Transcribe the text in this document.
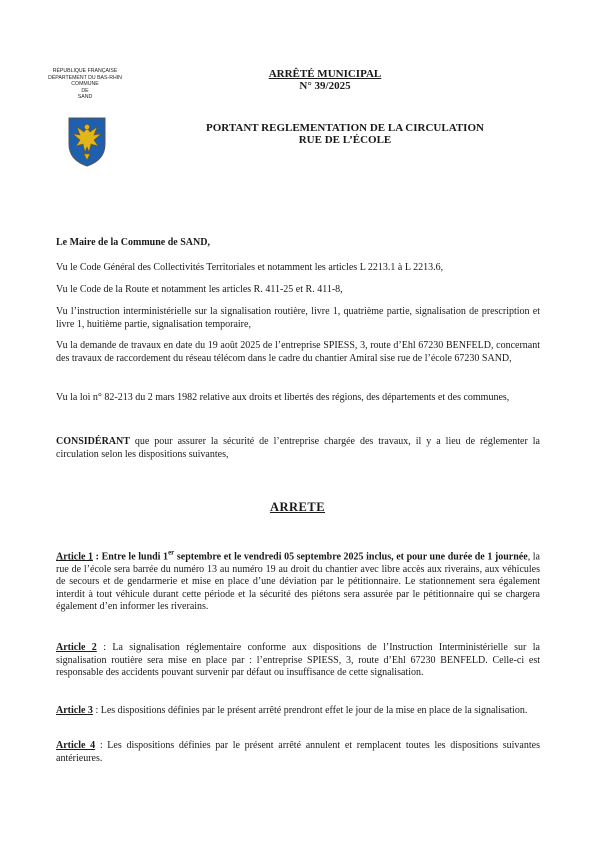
RÉPUBLIQUE FRANÇAISE
DÉPARTEMENT DU BAS-RHIN
COMMUNE
DE
SAND
ARRÊTÉ MUNICIPAL
N° 39/2025
PORTANT REGLEMENTATION DE LA CIRCULATION
RUE DE L’ÉCOLE
Le Maire de la Commune de SAND,
Vu le Code Général des Collectivités Territoriales et notamment les articles L 2213.1 à L 2213.6,
Vu le Code de la Route et notamment les articles R. 411-25 et R. 411-8,
Vu l’instruction interministérielle sur la signalisation routière, livre 1, quatrième partie, signalisation de prescription et livre 1, huitième partie, signalisation temporaire,
Vu la demande de travaux en date du 19 août 2025 de l’entreprise SPIESS, 3, route d’Ehl 67230 BENFELD, concernant des travaux de raccordement du réseau télécom dans le cadre du chantier Amiral sise rue de l’école 67230 SAND,
Vu la loi n° 82-213 du 2 mars 1982 relative aux droits et libertés des régions, des départements et des communes,
CONSIDÉRANT que pour assurer la sécurité de l’entreprise chargée des travaux, il y a lieu de réglementer la circulation selon les dispositions suivantes,
ARRETE
Article 1 : Entre le lundi 1er septembre et le vendredi 05 septembre 2025 inclus, et pour une durée de 1 journée, la rue de l’école sera barrée du numéro 13 au numéro 19 au droit du chantier avec libre accès aux riverains, aux véhicules de secours et de gendarmerie et mise en place d’une déviation par le pétitionnaire. Le stationnement sera également interdit à tout véhicule durant cette période et la sécurité des piétons sera assurée par le pétitionnaire qui se chargera également d’en informer les riverains.
Article 2 : La signalisation réglementaire conforme aux dispositions de l’Instruction Interministérielle sur la signalisation routière sera mise en place par : l’entreprise SPIESS, 3, route d’Ehl 67230 BENFELD. Celle-ci est responsable des accidents pouvant survenir par défaut ou insuffisance de cette signalisation.
Article 3 : Les dispositions définies par le présent arrêté prendront effet le jour de la mise en place de la signalisation.
Article 4 : Les dispositions définies par le présent arrêté annulent et remplacent toutes les dispositions suivantes antérieures.
